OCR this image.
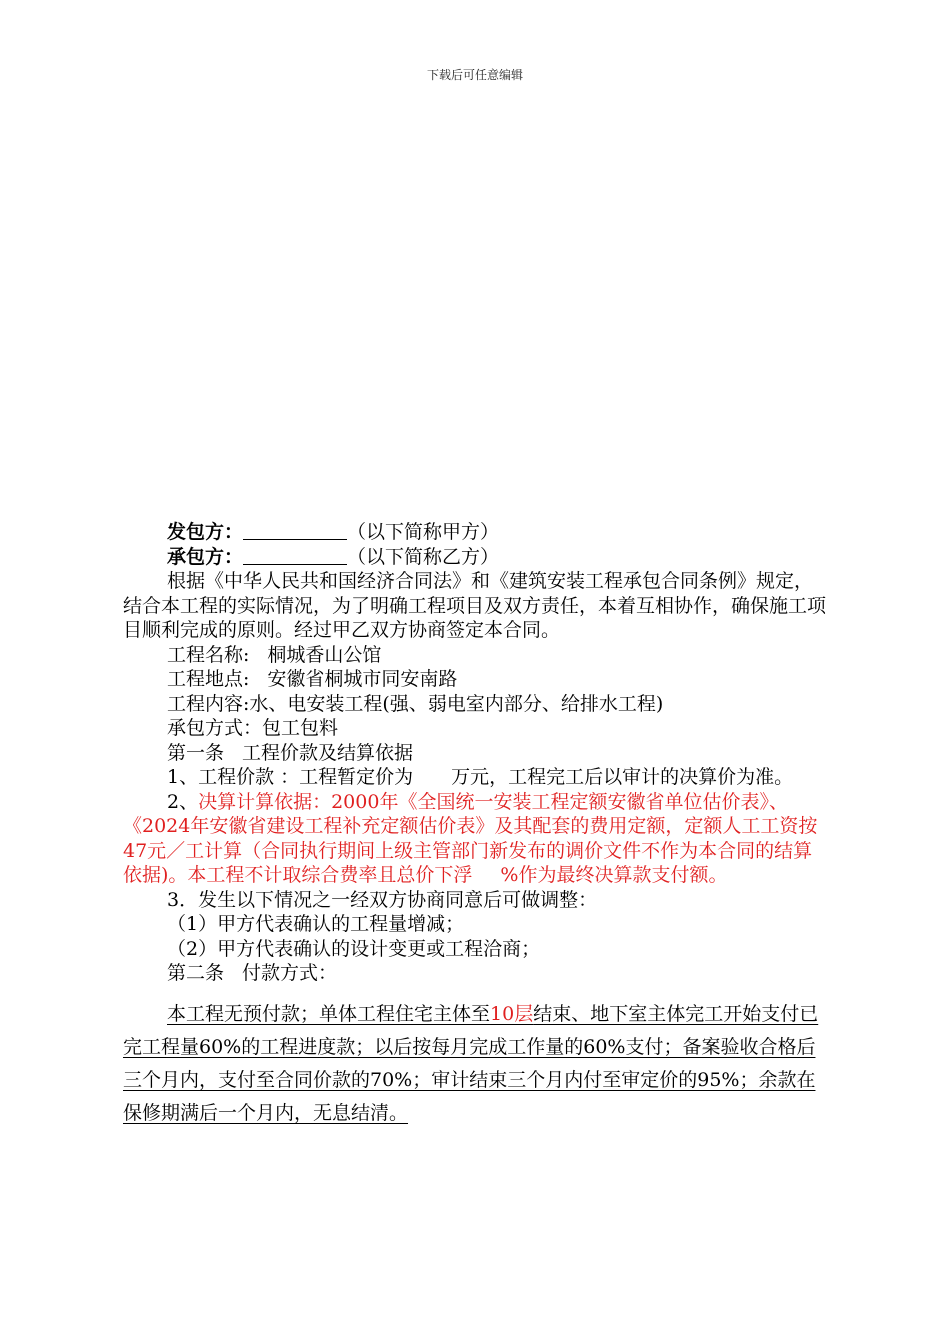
下载后可任意编辑

发包方：	（以下简称甲方）

承包方：	（以下简称乙方）

根据《中华人民共和国经济合同法》和《建筑安装工程承包合同条例》规定，结合本工程的实际情况，为了明确工程项目及双方责任，本着互相协作，确保施工项目顺利完成的原则。经过甲乙双方协商签定本合同。

工程名称: 桐城香山公馆

工程地点: 安徽省桐城市同安南路

工程内容:水、电安装工程(强、弱电室内部分、给排水工程)

承包方式：包工包料

第一条 工程价款及结算依据

1、工程价款 ：工程暂定价为 万元，工程完工后以审计的决算价为准。

2、决算计算依据：2000年《全国统一安装工程定额安徽省单位估价表》、《2024年安徽省建设工程补充定额估价表》及其配套的费用定额，定额人工工资按47元／工计算（合同执行期间上级主管部门新发布的调价文件不作为本合同的结算依据)。本工程不计取综合费率且总价下浮 %作为最终决算款支付额。

3．发生以下情况之一经双方协商同意后可做调整：

（1）甲方代表确认的工程量增减；

（2）甲方代表确认的设计变更或工程洽商；

第二条 付款方式：

本工程无预付款；单体工程住宅主体至10层结束、地下室主体完工开始支付已完工程量60%的工程进度款；以后按每月完成工作量的60%支付；备案验收合格后三个月内，支付至合同价款的70%；审计结束三个月内付至审定价的95%；余款在保修期满后一个月内，无息结清。
